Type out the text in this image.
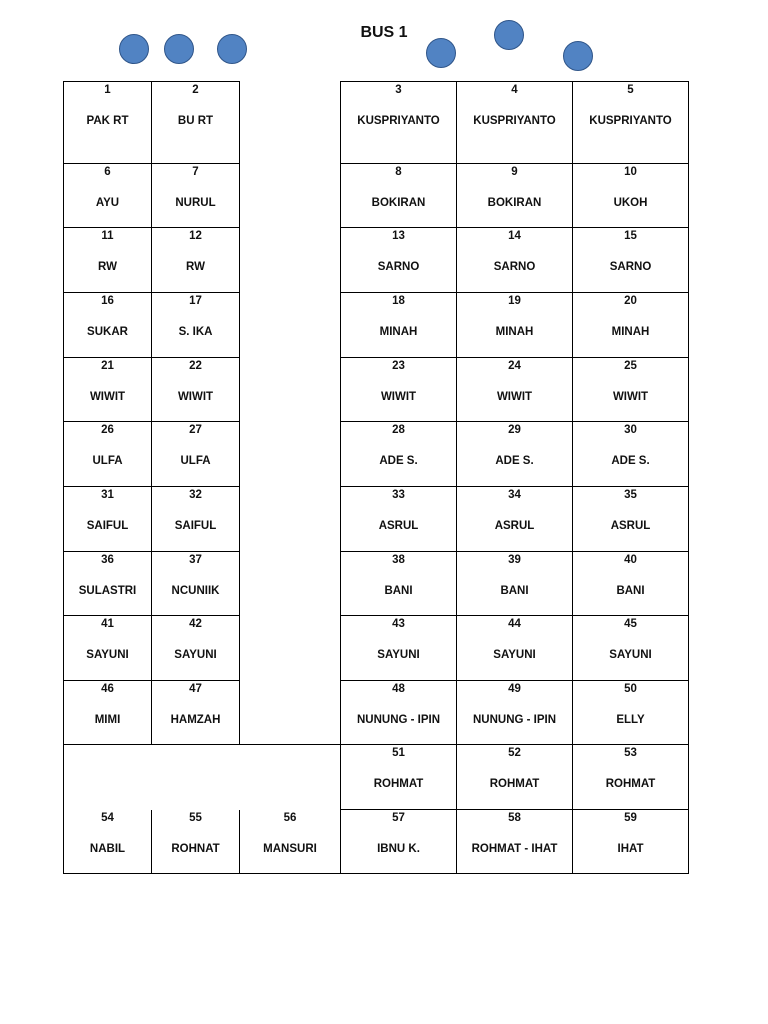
BUS 1
1
PAK RT
2
BU RT
3
KUSPRIYANTO
4
KUSPRIYANTO
5
KUSPRIYANTO
6
AYU
7
NURUL
8
BOKIRAN
9
BOKIRAN
10
UKOH
11
RW
12
RW
13
SARNO
14
SARNO
15
SARNO
16
SUKAR
17
S. IKA
18
MINAH
19
MINAH
20
MINAH
21
WIWIT
22
WIWIT
23
WIWIT
24
WIWIT
25
WIWIT
26
ULFA
27
ULFA
28
ADE S.
29
ADE S.
30
ADE S.
31
SAIFUL
32
SAIFUL
33
ASRUL
34
ASRUL
35
ASRUL
36
SULASTRI
37
NCUNIIK
38
BANI
39
BANI
40
BANI
41
SAYUNI
42
SAYUNI
43
SAYUNI
44
SAYUNI
45
SAYUNI
46
MIMI
47
HAMZAH
48
NUNUNG - IPIN
49
NUNUNG - IPIN
50
ELLY
51
ROHMAT
52
ROHMAT
53
ROHMAT
54
NABIL
55
ROHNAT
56
MANSURI
57
IBNU K.
58
ROHMAT - IHAT
59
IHAT
